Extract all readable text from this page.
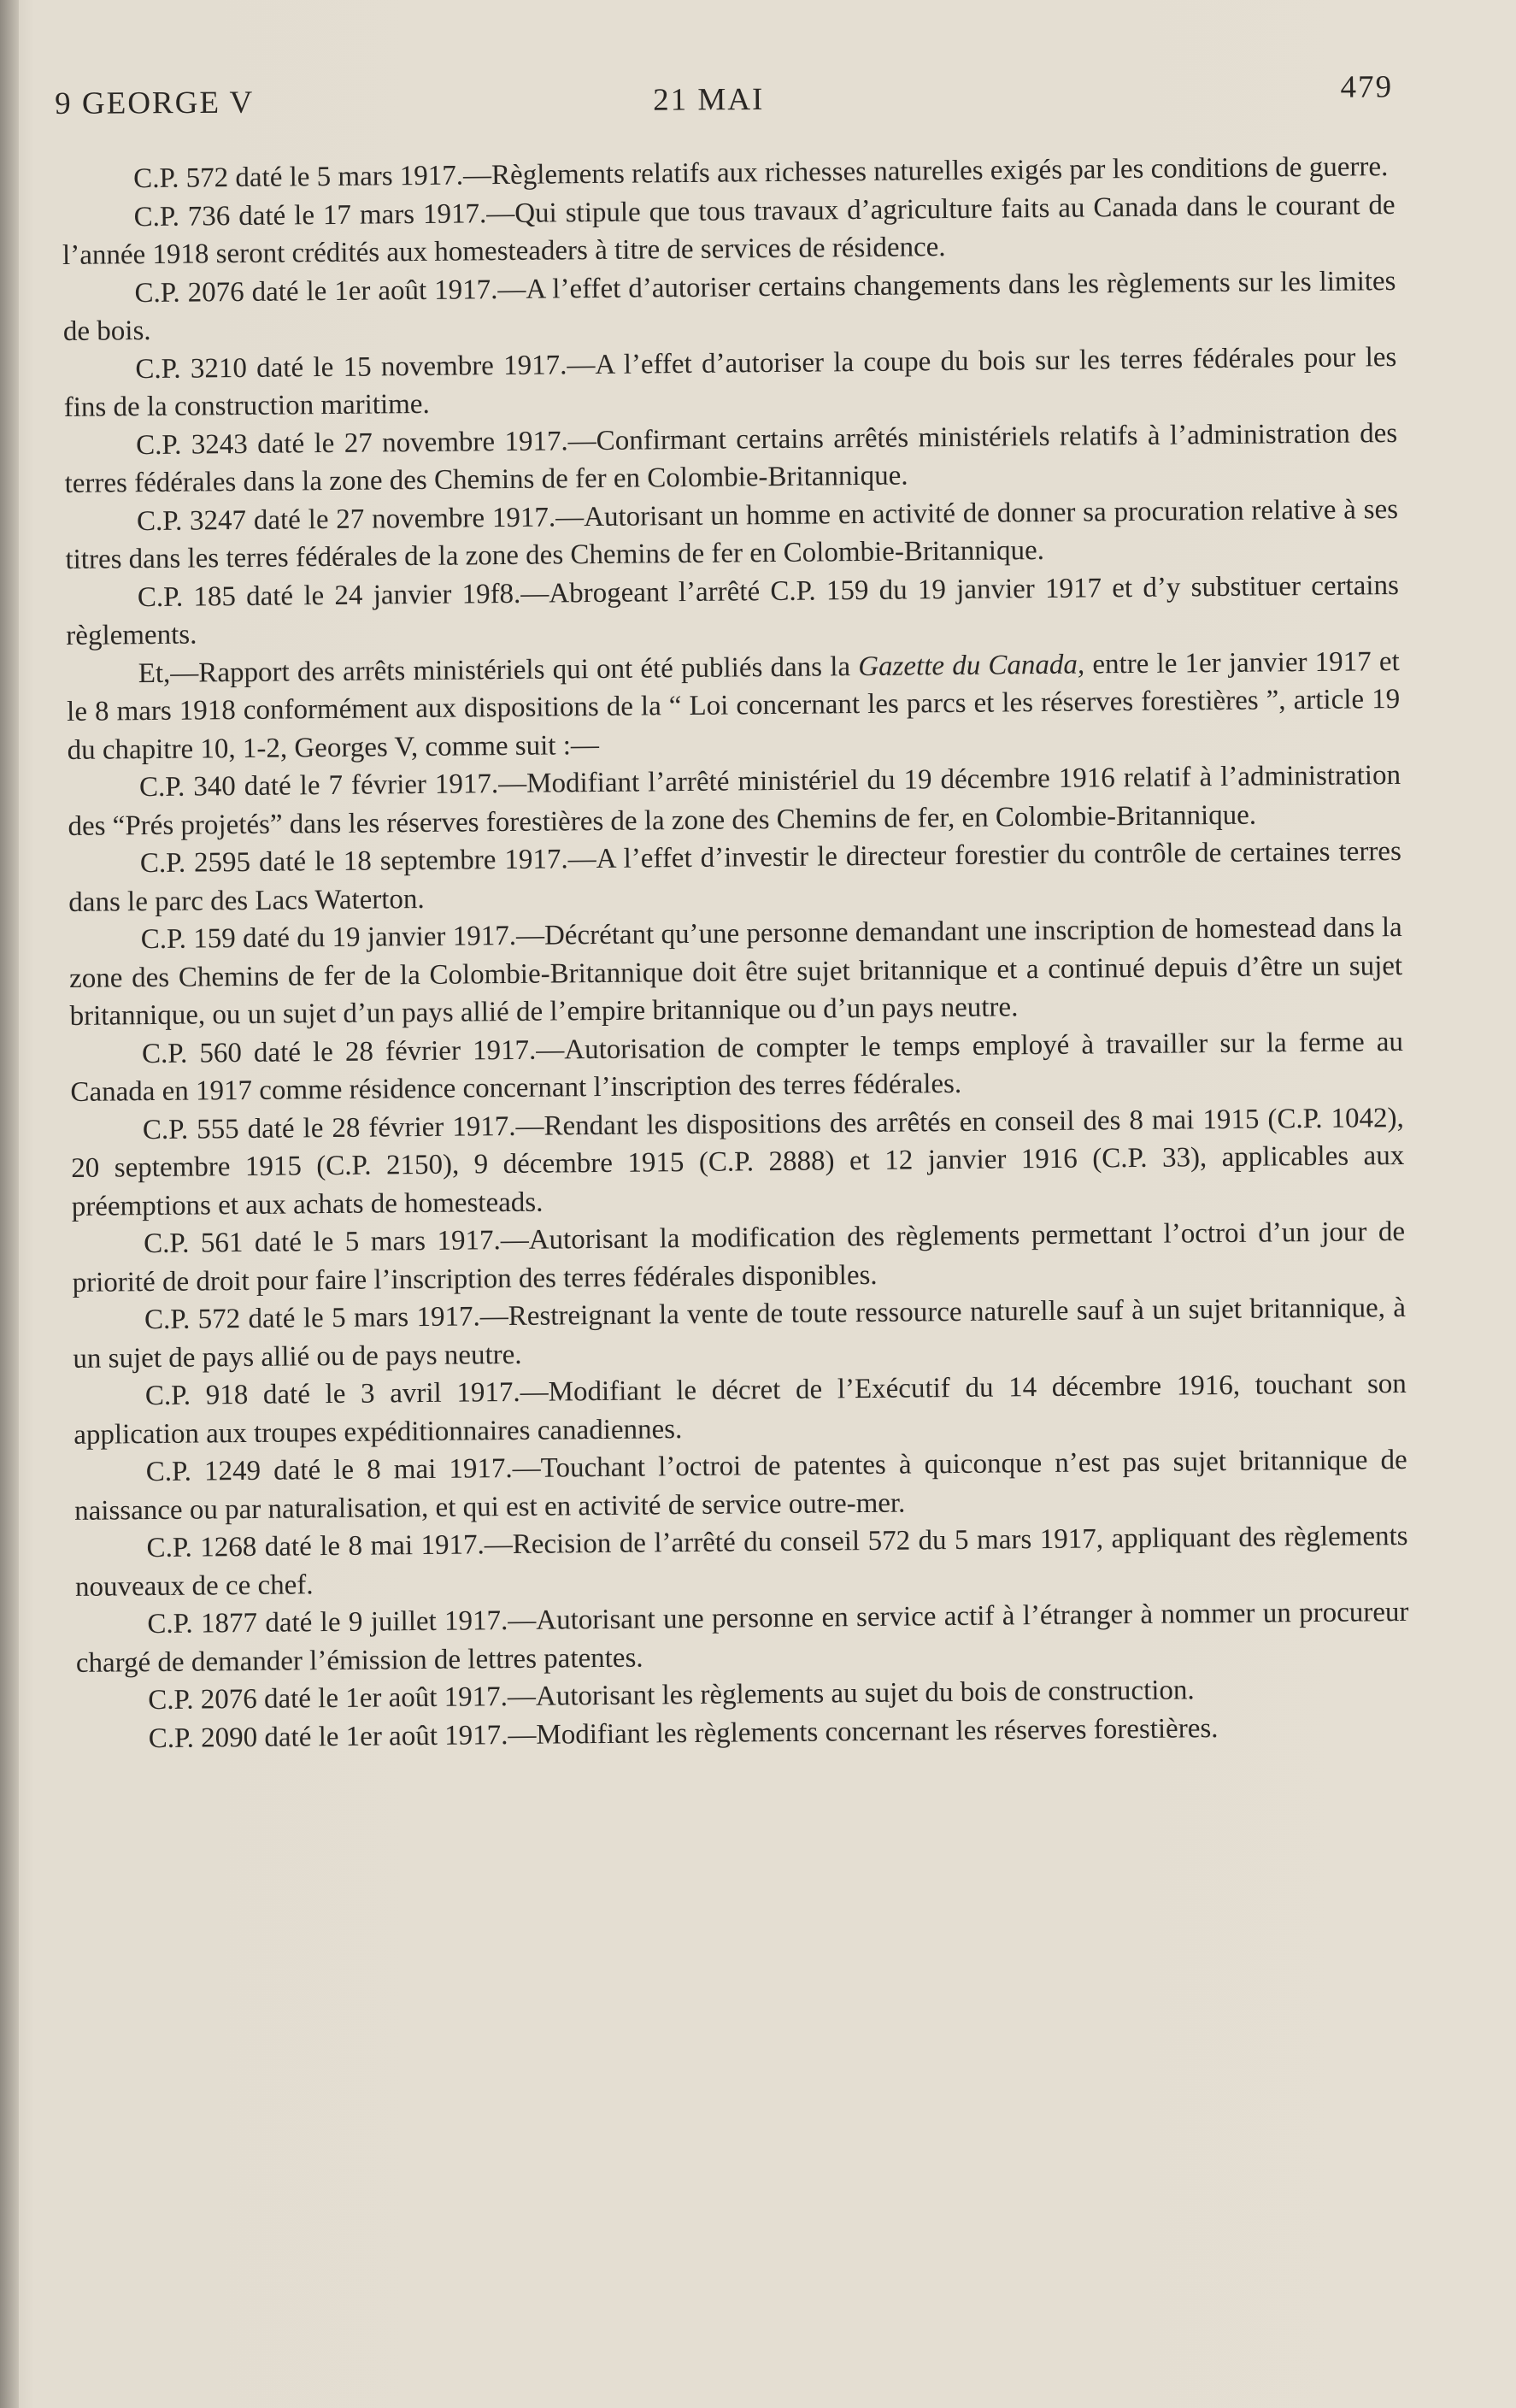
9 GEORGE V	21 MAI	479

C.P. 572 daté le 5 mars 1917.—Règlements relatifs aux richesses naturelles exigés par les conditions de guerre.

C.P. 736 daté le 17 mars 1917.—Qui stipule que tous travaux d’agriculture faits au Canada dans le courant de l’année 1918 seront crédités aux homesteaders à titre de services de résidence.

C.P. 2076 daté le 1er août 1917.—A l’effet d’autoriser certains changements dans les règlements sur les limites de bois.

C.P. 3210 daté le 15 novembre 1917.—A l’effet d’autoriser la coupe du bois sur les terres fédérales pour les fins de la construction maritime.

C.P. 3243 daté le 27 novembre 1917.—Confirmant certains arrêtés ministériels relatifs à l’administration des terres fédérales dans la zone des Chemins de fer en Colombie-Britannique.

C.P. 3247 daté le 27 novembre 1917.—Autorisant un homme en activité de donner sa procuration relative à ses titres dans les terres fédérales de la zone des Chemins de fer en Colombie-Britannique.

C.P. 185 daté le 24 janvier 19f8.—Abrogeant l’arrêté C.P. 159 du 19 janvier 1917 et d’y substituer certains règlements.

Et,—Rapport des arrêts ministériels qui ont été publiés dans la Gazette du Canada, entre le 1er janvier 1917 et le 8 mars 1918 conformément aux dispositions de la “ Loi concernant les parcs et les réserves forestières ”, article 19 du chapitre 10, 1-2, Georges V, comme suit :—

C.P. 340 daté le 7 février 1917.—Modifiant l’arrêté ministériel du 19 décembre 1916 relatif à l’administration des “Prés projetés” dans les réserves forestières de la zone des Chemins de fer, en Colombie-Britannique.

C.P. 2595 daté le 18 septembre 1917.—A l’effet d’investir le directeur forestier du contrôle de certaines terres dans le parc des Lacs Waterton.

C.P. 159 daté du 19 janvier 1917.—Décrétant qu’une personne demandant une inscription de homestead dans la zone des Chemins de fer de la Colombie-Britannique doit être sujet britannique et a continué depuis d’être un sujet britannique, ou un sujet d’un pays allié de l’empire britannique ou d’un pays neutre.

C.P. 560 daté le 28 février 1917.—Autorisation de compter le temps employé à travailler sur la ferme au Canada en 1917 comme résidence concernant l’inscription des terres fédérales.

C.P. 555 daté le 28 février 1917.—Rendant les dispositions des arrêtés en conseil des 8 mai 1915 (C.P. 1042), 20 septembre 1915 (C.P. 2150), 9 décembre 1915 (C.P. 2888) et 12 janvier 1916 (C.P. 33), applicables aux préemptions et aux achats de homesteads.

C.P. 561 daté le 5 mars 1917.—Autorisant la modification des règlements permettant l’octroi d’un jour de priorité de droit pour faire l’inscription des terres fédérales disponibles.

C.P. 572 daté le 5 mars 1917.—Restreignant la vente de toute ressource naturelle sauf à un sujet britannique, à un sujet de pays allié ou de pays neutre.

C.P. 918 daté le 3 avril 1917.—Modifiant le décret de l’Exécutif du 14 décembre 1916, touchant son application aux troupes expéditionnaires canadiennes.

C.P. 1249 daté le 8 mai 1917.—Touchant l’octroi de patentes à quiconque n’est pas sujet britannique de naissance ou par naturalisation, et qui est en activité de service outre-mer.

C.P. 1268 daté le 8 mai 1917.—Recision de l’arrêté du conseil 572 du 5 mars 1917, appliquant des règlements nouveaux de ce chef.

C.P. 1877 daté le 9 juillet 1917.—Autorisant une personne en service actif à l’étranger à nommer un procureur chargé de demander l’émission de lettres patentes.

C.P. 2076 daté le 1er août 1917.—Autorisant les règlements au sujet du bois de construction.

C.P. 2090 daté le 1er août 1917.—Modifiant les règlements concernant les réserves forestières.
